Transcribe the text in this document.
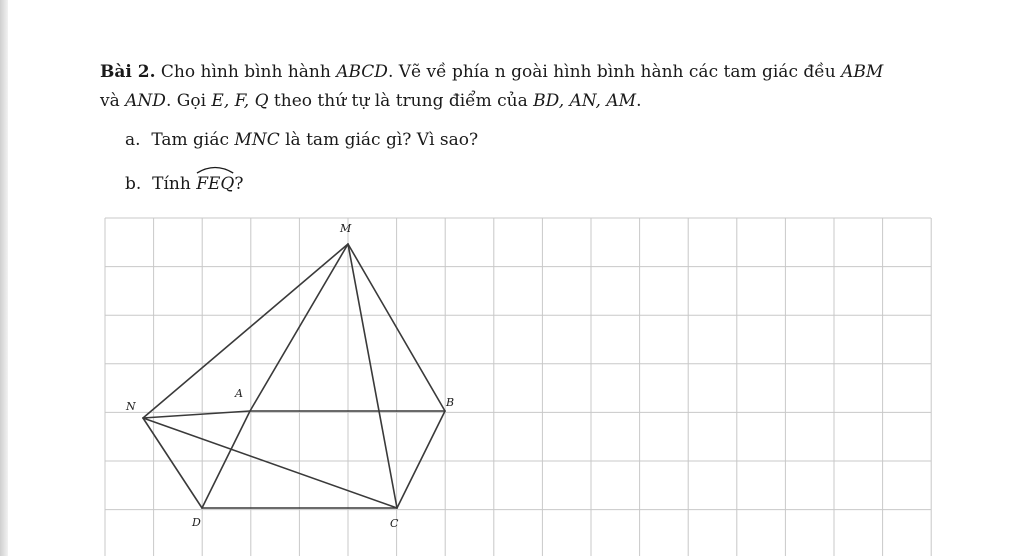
Bài 2. Cho hình bình hành ABCD. Vẽ về phía n goài hình bình hành các tam giác đều ABM

và AND. Gọi E, F, Q theo thứ tự là trung điểm của BD, AN, AM.

a. Tam giác MNC là tam giác gì? Vì sao?
b. Tính
FEQ?
M
A
B
N
D	C
